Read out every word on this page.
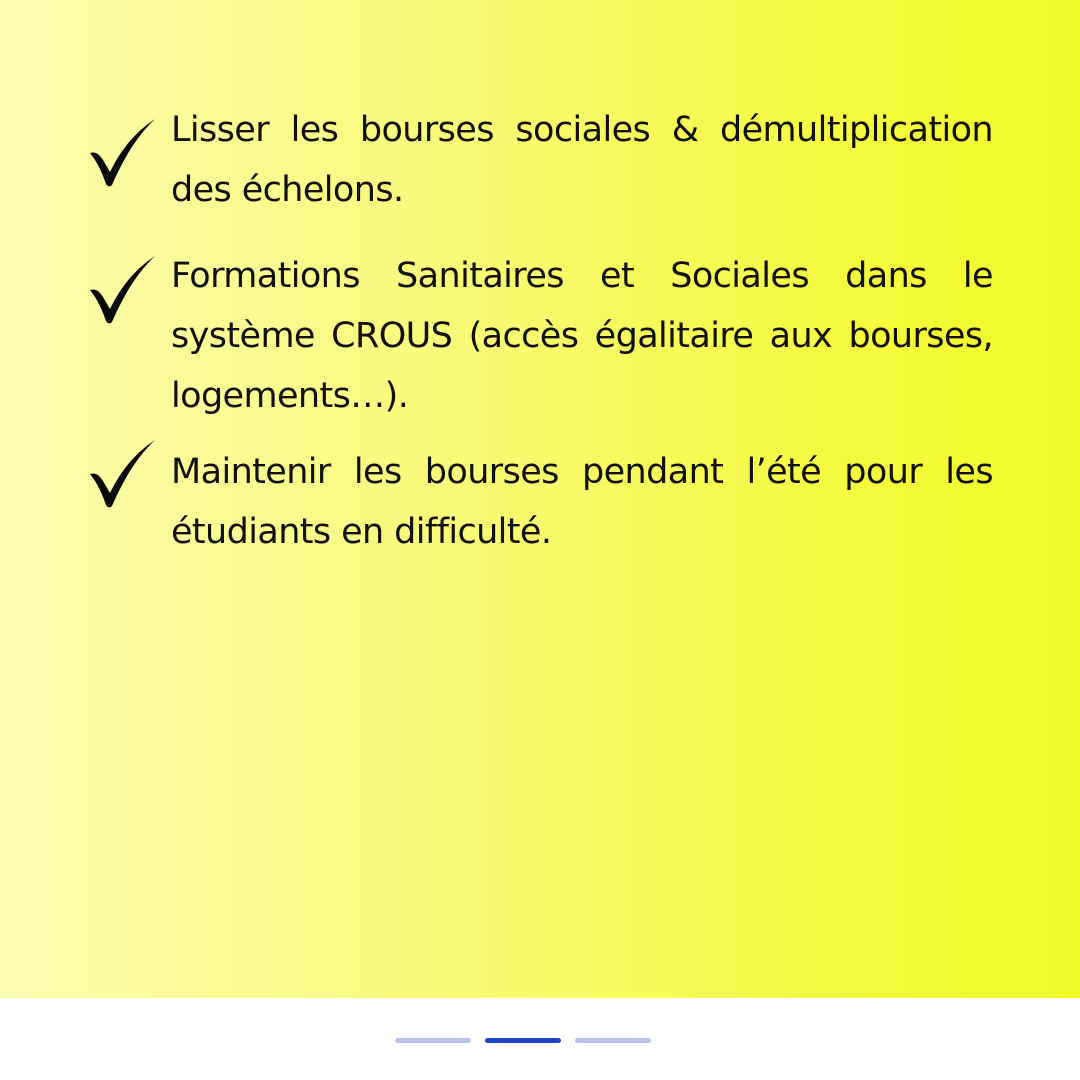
Lisser les bourses sociales & démultiplication des échelons.

Formations Sanitaires et Sociales dans le système CROUS (accès égalitaire aux bourses, logements…).

Maintenir les bourses pendant l’été pour les étudiants en difficulté.
